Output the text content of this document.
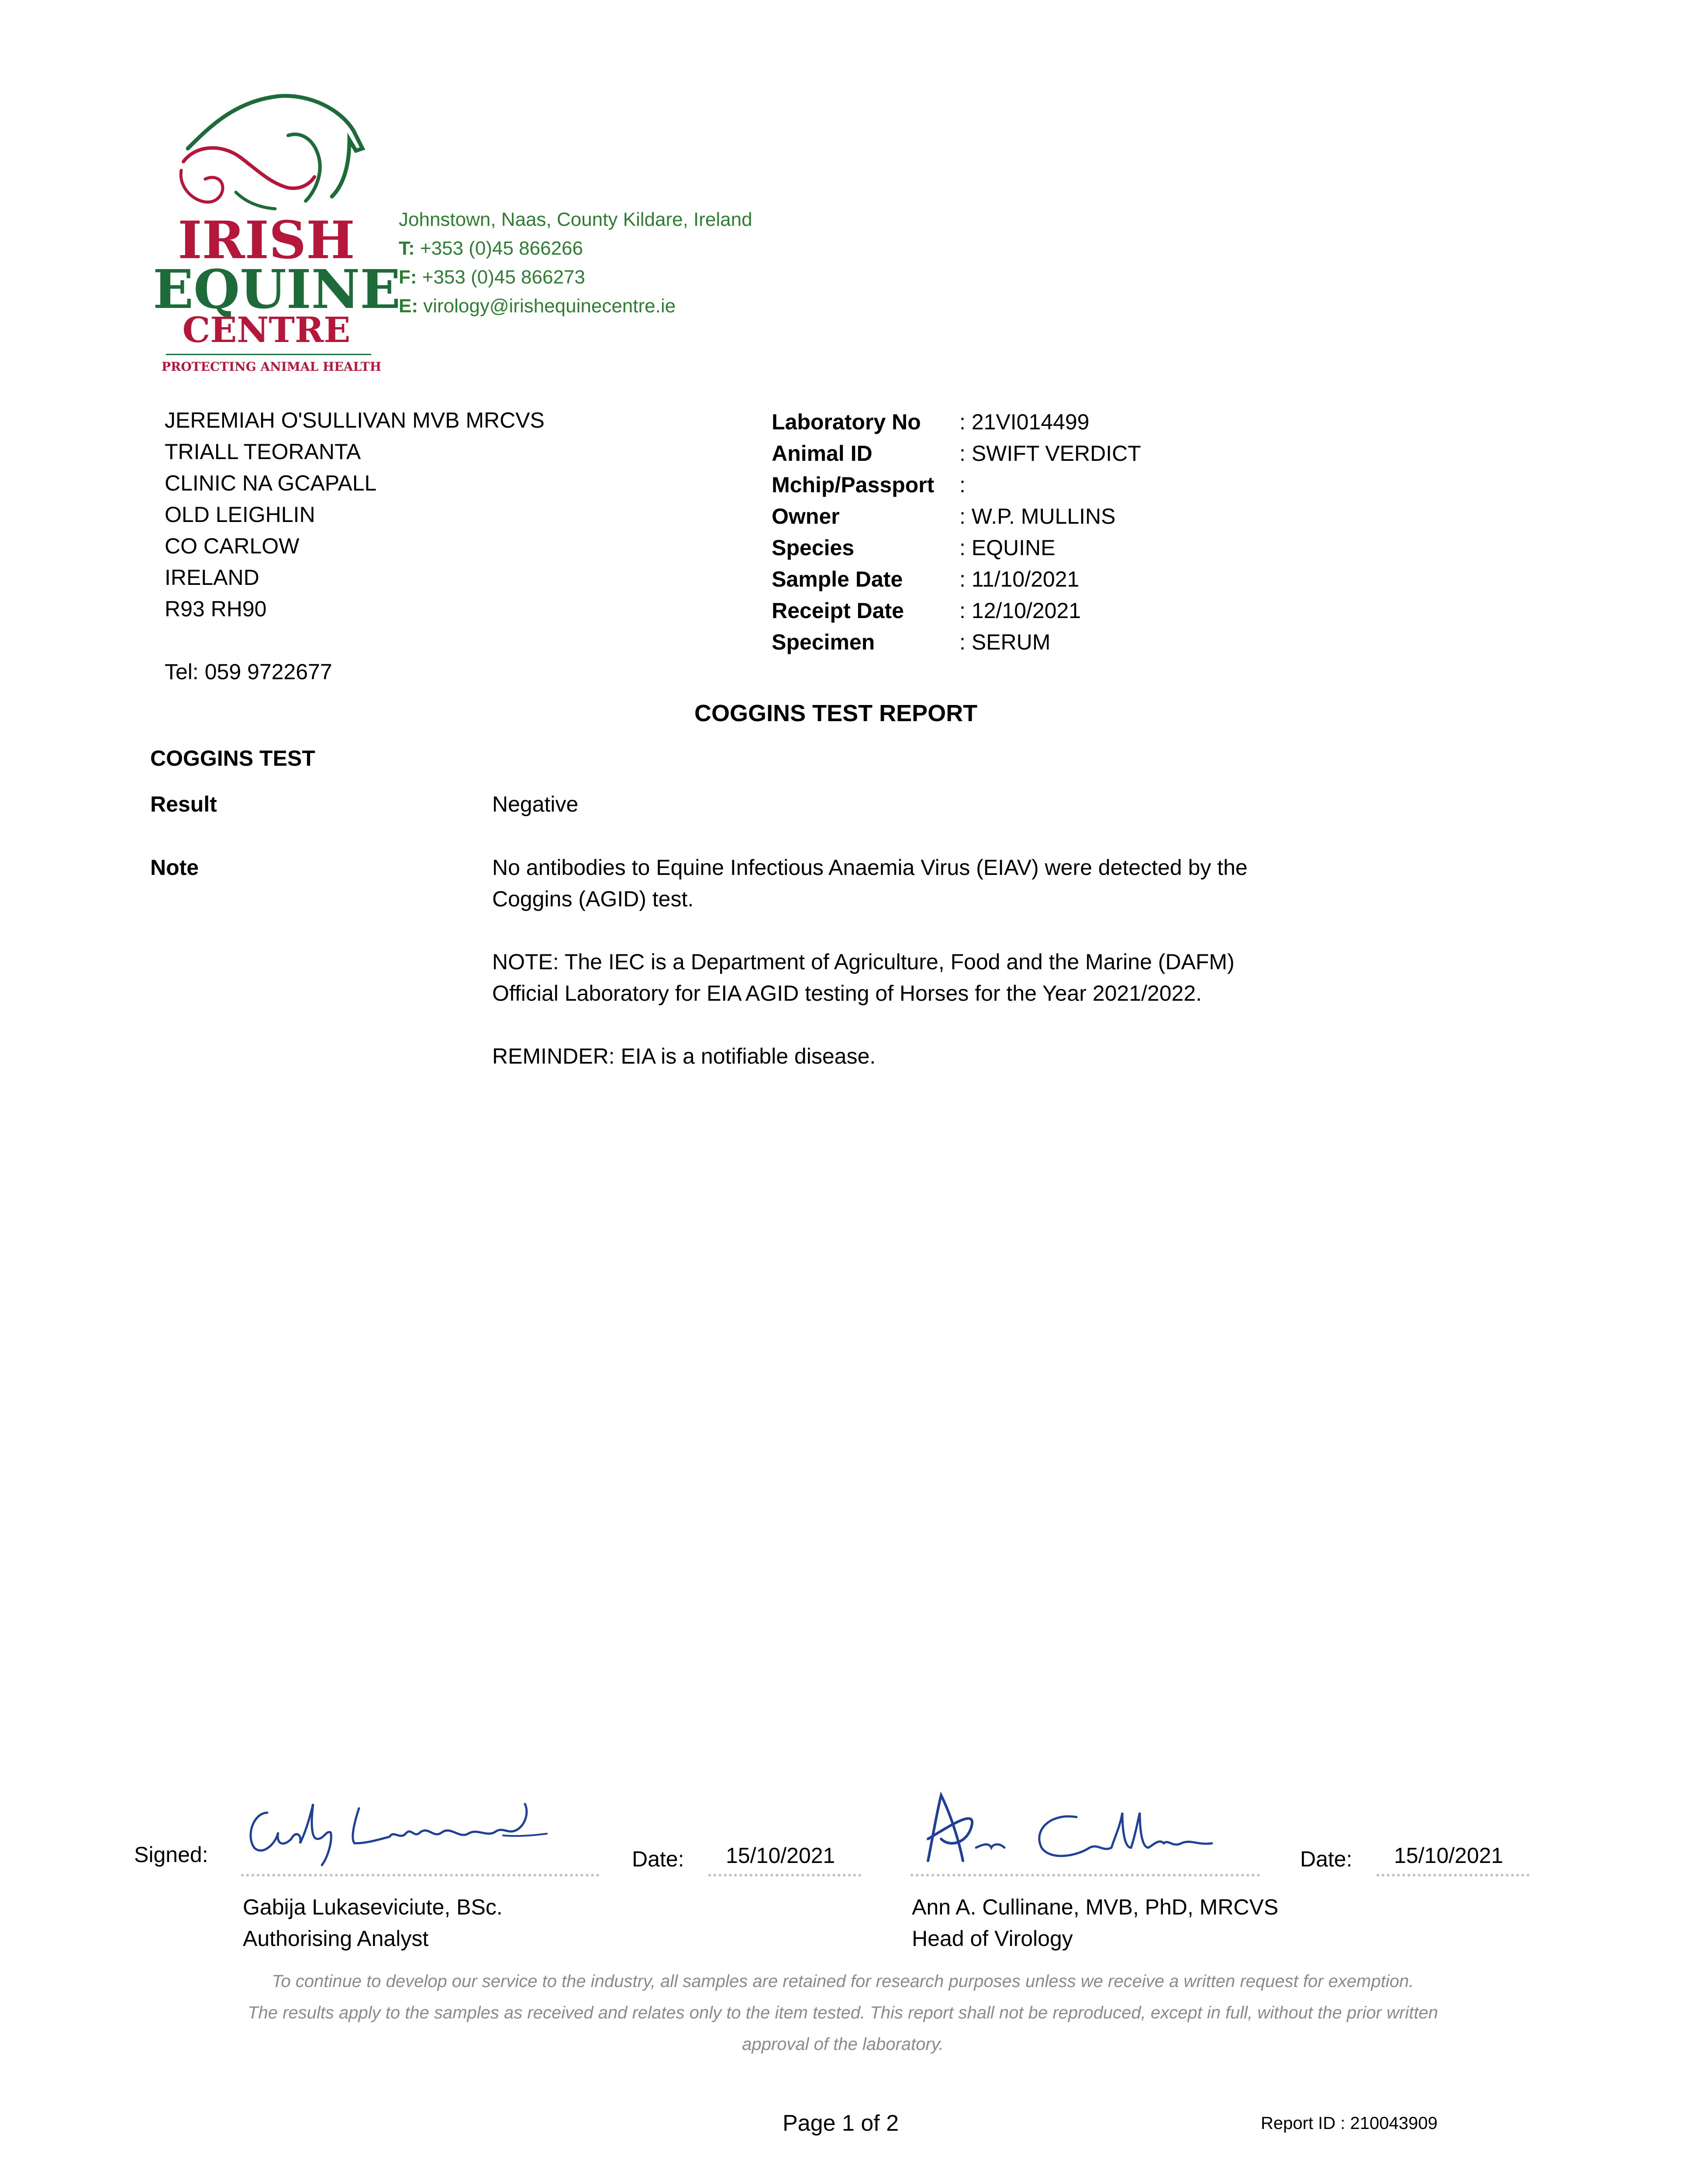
IRISH
EQUINE
CENTRE
PROTECTING ANIMAL HEALTH
Johnstown, Naas, County Kildare, Ireland
T: +353 (0)45 866266
F: +353 (0)45 866273
E: virology@irishequinecentre.ie
JEREMIAH O'SULLIVAN MVB MRCVS
TRIALL TEORANTA
CLINIC NA GCAPALL
OLD LEIGHLIN
CO CARLOW
IRELAND
R93 RH90
Tel: 059 9722677
Laboratory No	: 21VI014499
Animal ID	: SWIFT VERDICT
Mchip/Passport	:
Owner	: W.P. MULLINS
Species	: EQUINE
Sample Date	: 11/10/2021
Receipt Date	: 12/10/2021
Specimen	: SERUM
COGGINS TEST REPORT
COGGINS TEST
Result	Negative
Note	No antibodies to Equine Infectious Anaemia Virus (EIAV) were detected by the Coggins (AGID) test.
NOTE: The IEC is a Department of Agriculture, Food and the Marine (DAFM) Official Laboratory for EIA AGID testing of Horses for the Year 2021/2022.
REMINDER: EIA is a notifiable disease.
Signed:	Date: 15/10/2021
Gabija Lukaseviciute, BSc.
Authorising Analyst
Date: 15/10/2021
Ann A. Cullinane, MVB, PhD, MRCVS
Head of Virology
To continue to develop our service to the industry, all samples are retained for research purposes unless we receive a written request for exemption.
The results apply to the samples as received and relates only to the item tested. This report shall not be reproduced, except in full, without the prior written approval of the laboratory.
Page 1 of 2	Report ID : 210043909
